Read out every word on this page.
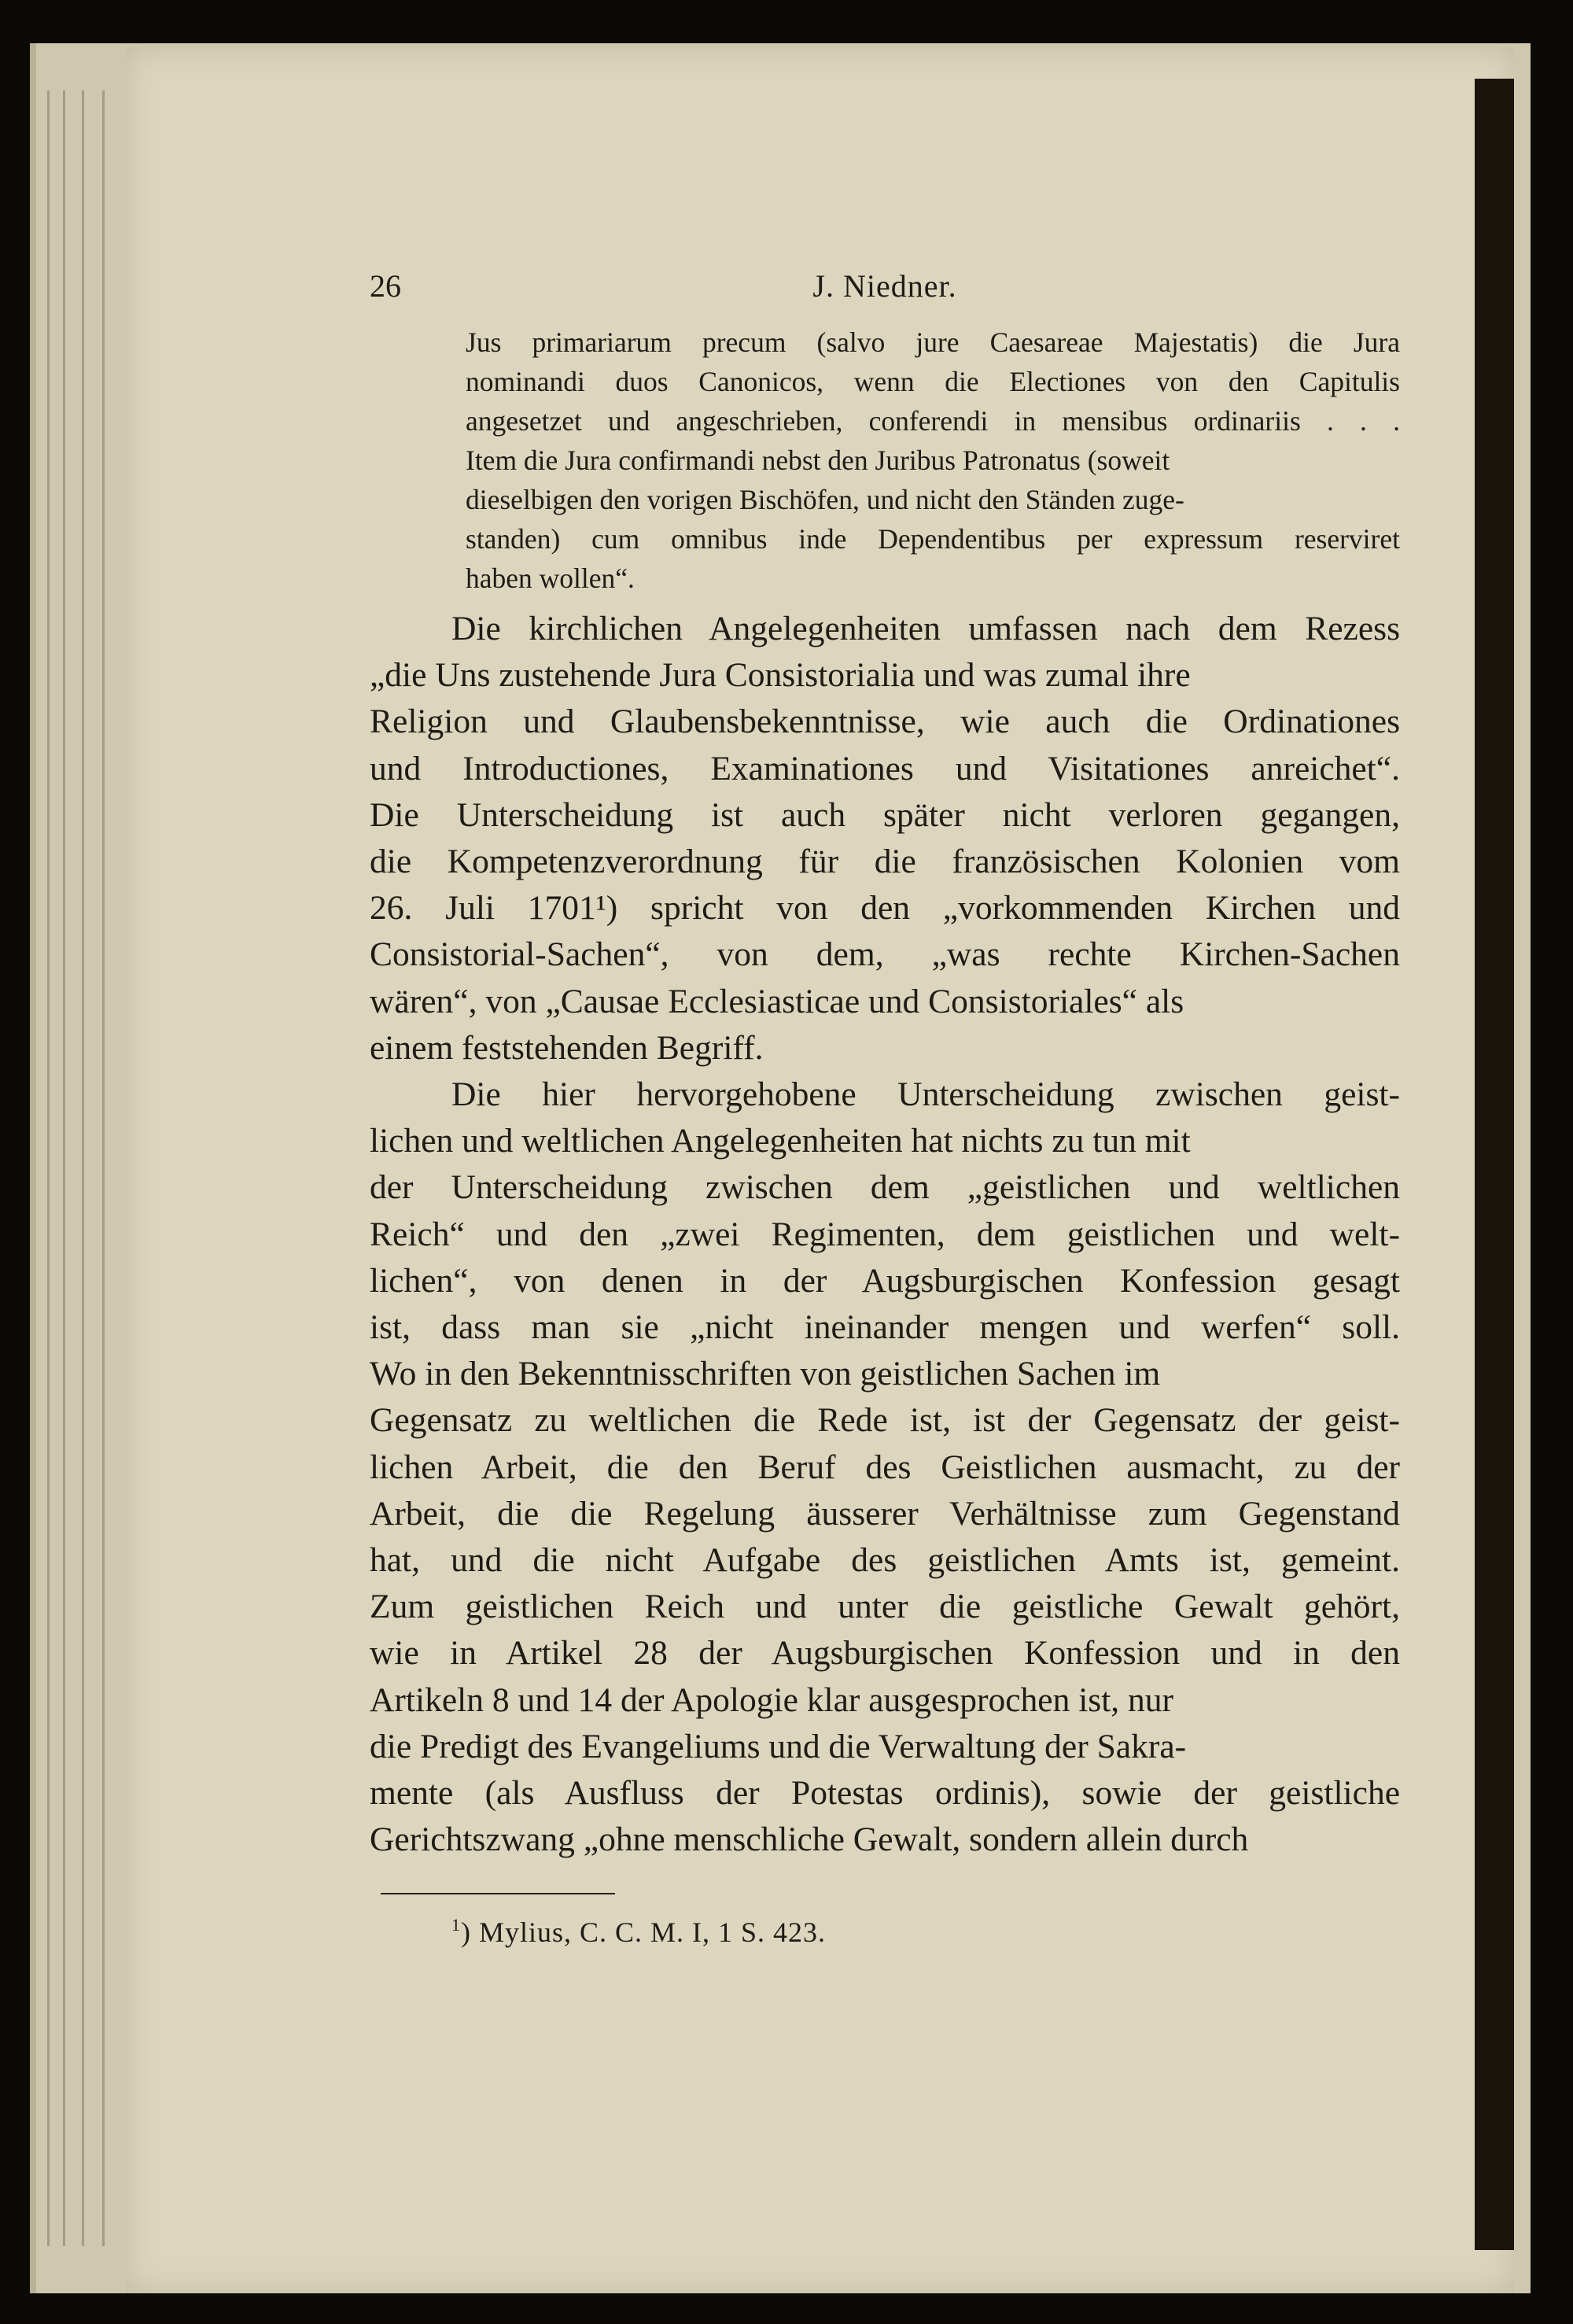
26	J. Niedner.
Jus primariarum precum (salvo jure Caesareae Majestatis) die Jura
nominandi duos Canonicos, wenn die Electiones von den Capitulis
angesetzet und angeschrieben, conferendi in mensibus ordinariis . . .
Item die Jura confirmandi nebst den Juribus Patronatus (soweit
dieselbigen den vorigen Bischöfen, und nicht den Ständen zuge-
standen) cum omnibus inde Dependentibus per expressum reserviret
haben wollen“.

Die kirchlichen Angelegenheiten umfassen nach dem Rezess
„die Uns zustehende Jura Consistorialia und was zumal ihre
Religion und Glaubensbekenntnisse, wie auch die Ordinationes
und Introductiones, Examinationes und Visitationes anreichet“.
Die Unterscheidung ist auch später nicht verloren gegangen,
die Kompetenzverordnung für die französischen Kolonien vom
26. Juli 1701¹) spricht von den „vorkommenden Kirchen und
Consistorial-Sachen“, von dem, „was rechte Kirchen-Sachen
wären“, von „Causae Ecclesiasticae und Consistoriales“ als
einem feststehenden Begriff.

Die hier hervorgehobene Unterscheidung zwischen geist-
lichen und weltlichen Angelegenheiten hat nichts zu tun mit
der Unterscheidung zwischen dem „geistlichen und weltlichen
Reich“ und den „zwei Regimenten, dem geistlichen und welt-
lichen“, von denen in der Augsburgischen Konfession gesagt
ist, dass man sie „nicht ineinander mengen und werfen“ soll.
Wo in den Bekenntnisschriften von geistlichen Sachen im
Gegensatz zu weltlichen die Rede ist, ist der Gegensatz der geist-
lichen Arbeit, die den Beruf des Geistlichen ausmacht, zu der
Arbeit, die die Regelung äusserer Verhältnisse zum Gegenstand
hat, und die nicht Aufgabe des geistlichen Amts ist, gemeint.
Zum geistlichen Reich und unter die geistliche Gewalt gehört,
wie in Artikel 28 der Augsburgischen Konfession und in den
Artikeln 8 und 14 der Apologie klar ausgesprochen ist, nur
die Predigt des Evangeliums und die Verwaltung der Sakra-
mente (als Ausfluss der Potestas ordinis), sowie der geistliche
Gerichtszwang „ohne menschliche Gewalt, sondern allein durch

$^1$) Mylius, C. C. M. I, 1 S. 423.
